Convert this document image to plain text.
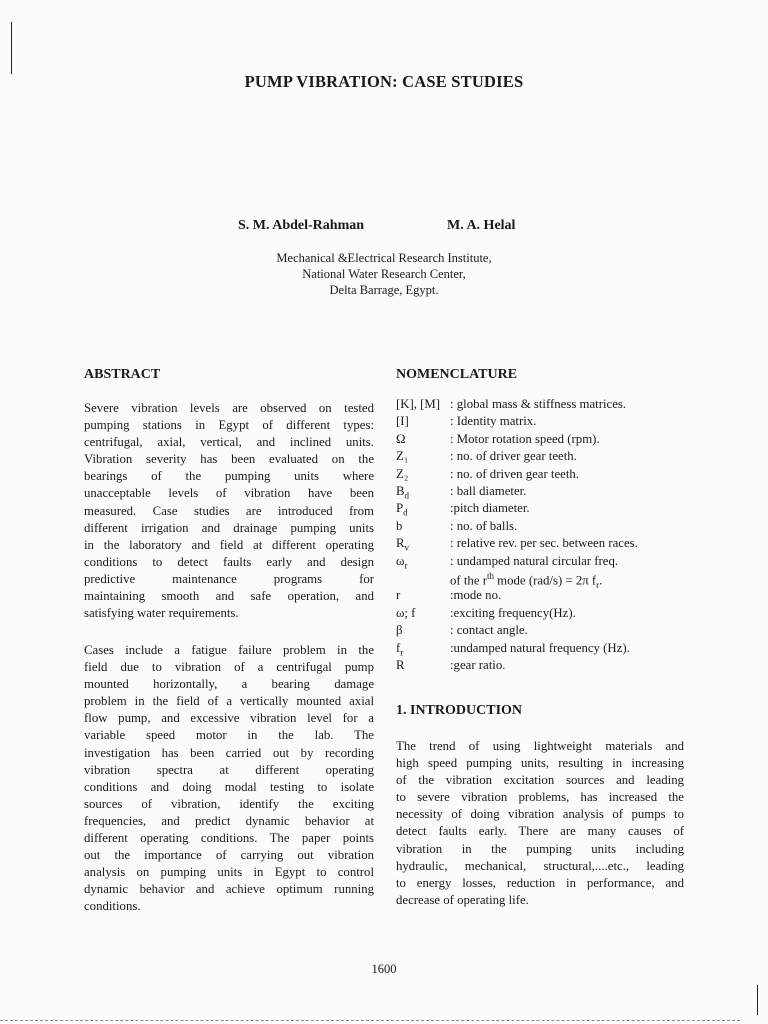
PUMP VIBRATION: CASE STUDIES
S. M. Abdel-Rahman	M. A. Helal
Mechanical &Electrical Research Institute,
National Water Research Center,
Delta Barrage, Egypt.
ABSTRACT
Severe vibration levels are observed on tested
pumping stations in Egypt of different types:
centrifugal, axial, vertical, and inclined units.
Vibration severity has been evaluated on the
bearings of the pumping units where
unacceptable levels of vibration have been
measured. Case studies are introduced from
different irrigation and drainage pumping units
in the laboratory and field at different operating
conditions to detect faults early and design
predictive maintenance programs for
maintaining smooth and safe operation, and
satisfying water requirements.
Cases include a fatigue failure problem in the
field due to vibration of a centrifugal pump
mounted horizontally, a bearing damage
problem in the field of a vertically mounted axial
flow pump, and excessive vibration level for a
variable speed motor in the lab. The
investigation has been carried out by recording
vibration spectra at different operating
conditions and doing modal testing to isolate
sources of vibration, identify the exciting
frequencies, and predict dynamic behavior at
different operating conditions. The paper points
out the importance of carrying out vibration
analysis on pumping units in Egypt to control
dynamic behavior and achieve optimum running
conditions.
NOMENCLATURE
[K], [M] : global mass & stiffness matrices.
[I]	: Identity matrix.
Ω	: Motor rotation speed (rpm).
Z₁	: no. of driver gear teeth.
Z₂	: no. of driven gear teeth.
$B_d$	: ball diameter.
$P_d$	:pitch diameter.
b	: no. of balls.
$R_v$	: relative rev. per sec. between races.
$\omega_r$	: undamped natural circular freq.
of the $r^{th}$ mode (rad/s) = 2π $f_r$.
r	:mode no.
ω; f	:exciting frequency(Hz).
β	: contact angle.
$f_r$	:undamped natural frequency (Hz).
R	:gear ratio.
1. INTRODUCTION
The trend of using lightweight materials and
high speed pumping units, resulting in increasing
of the vibration excitation sources and leading
to severe vibration problems, has increased the
necessity of doing vibration analysis of pumps to
detect faults early. There are many causes of
vibration in the pumping units including
hydraulic, mechanical, structural,....etc., leading
to energy losses, reduction in performance, and
decrease of operating life.
1600
